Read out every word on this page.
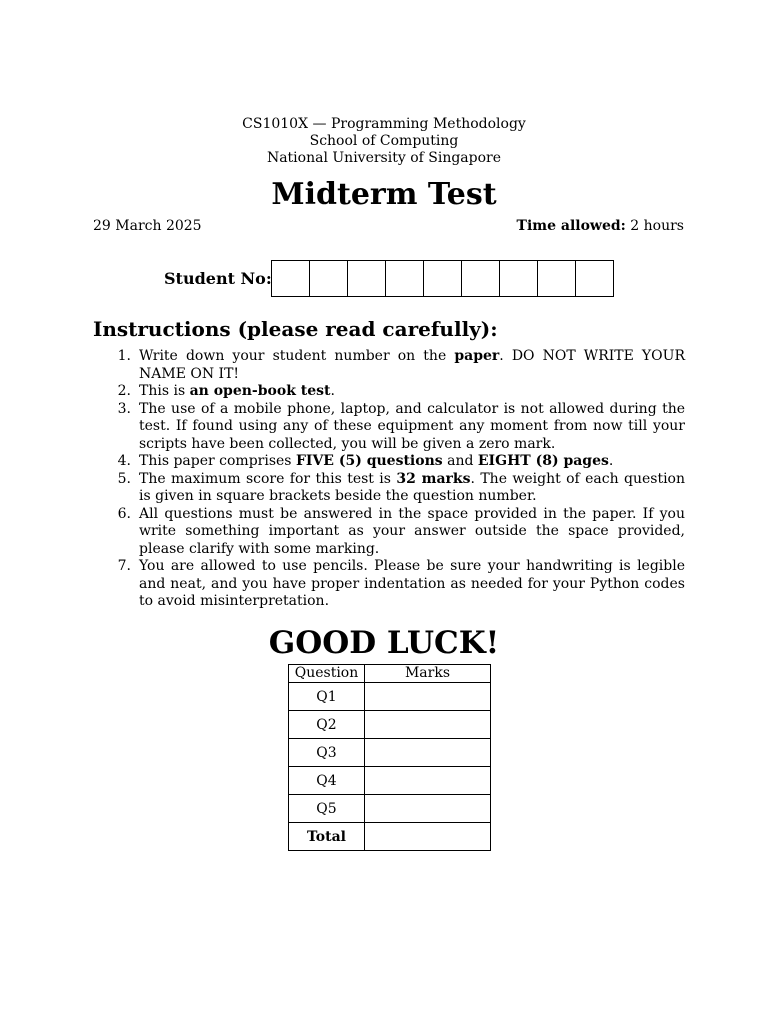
CS1010X — Programming Methodology
School of Computing
National University of Singapore
Midterm Test
29 March 2025	Time allowed: 2 hours
Student No:
Instructions (please read carefully):
1. Write down your student number on the paper. DO NOT WRITE YOUR NAME ON IT!
2. This is an open-book test.
3. The use of a mobile phone, laptop, and calculator is not allowed during the test. If found using any of these equipment any moment from now till your scripts have been collected, you will be given a zero mark.
4. This paper comprises FIVE (5) questions and EIGHT (8) pages.
5. The maximum score for this test is 32 marks. The weight of each question is given in square brackets beside the question number.
6. All questions must be answered in the space provided in the paper. If you write something important as your answer outside the space provided, please clarify with some marking.
7. You are allowed to use pencils. Please be sure your handwriting is legible and neat, and you have proper indentation as needed for your Python codes to avoid misinterpretation.
GOOD LUCK!
Question	Marks
Q1	
Q2	
Q3	
Q4	
Q5	
Total	
